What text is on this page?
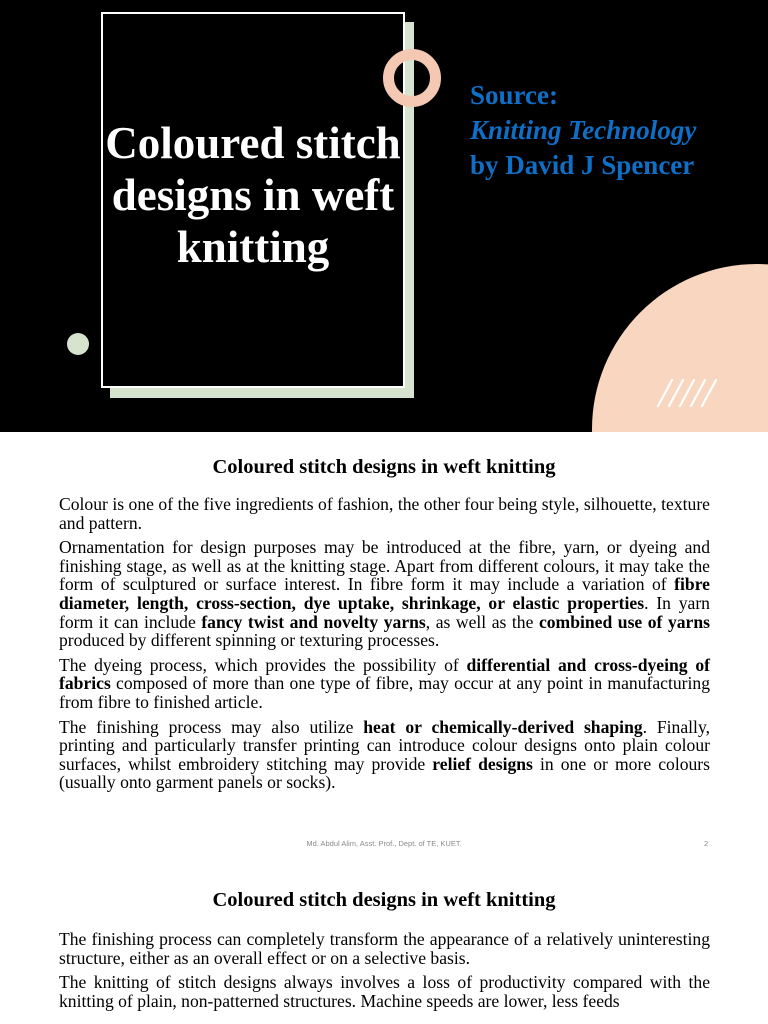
Coloured stitch designs in weft knitting
Source:
Knitting Technology
by David J Spencer
Coloured stitch designs in weft knitting

Colour is one of the five ingredients of fashion, the other four being style, silhouette, texture and pattern.

Ornamentation for design purposes may be introduced at the fibre, yarn, or dyeing and finishing stage, as well as at the knitting stage. Apart from different colours, it may take the form of sculptured or surface interest. In fibre form it may include a variation of fibre diameter, length, cross-section, dye uptake, shrinkage, or elastic properties. In yarn form it can include fancy twist and novelty yarns, as well as the combined use of yarns produced by different spinning or texturing processes.

The dyeing process, which provides the possibility of differential and cross-dyeing of fabrics composed of more than one type of fibre, may occur at any point in manufacturing from fibre to finished article.

The finishing process may also utilize heat or chemically-derived shaping. Finally, printing and particularly transfer printing can introduce colour designs onto plain colour surfaces, whilst embroidery stitching may provide relief designs in one or more colours (usually onto garment panels or socks).

Md. Abdul Alim, Asst. Prof., Dept. of TE, KUET.	2
Coloured stitch designs in weft knitting

The finishing process can completely transform the appearance of a relatively uninteresting structure, either as an overall effect or on a selective basis.

The knitting of stitch designs always involves a loss of productivity compared with the knitting of plain, non-patterned structures. Machine speeds are lower, less feeds
